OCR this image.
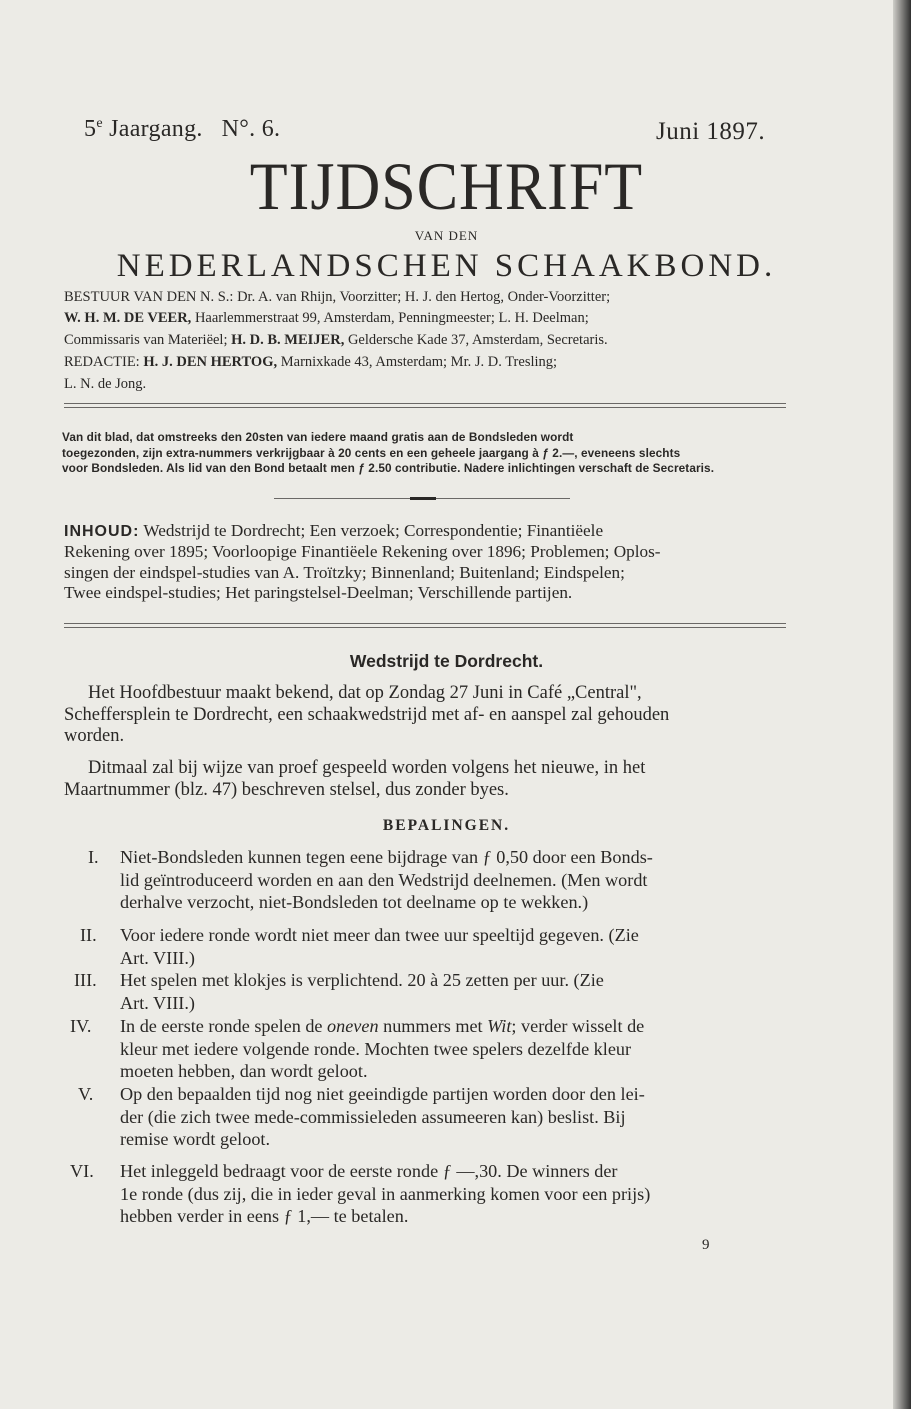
5e Jaargang. N°. 6.	Juni 1897.
TIJDSCHRIFT
VAN DEN
NEDERLANDSCHEN SCHAAKBOND.
BESTUUR VAN DEN N. S.: Dr. A. van Rhijn, Voorzitter; H. J. den Hertog, Onder-Voorzitter;
W. H. M. DE VEER, Haarlemmerstraat 99, Amsterdam, Penningmeester; L. H. Deelman;
Commissaris van Materiëel; H. D. B. MEIJER, Geldersche Kade 37, Amsterdam, Secretaris.
REDACTIE: H. J. DEN HERTOG, Marnixkade 43, Amsterdam; Mr. J. D. Tresling;
L. N. de Jong.
Van dit blad, dat omstreeks den 20sten van iedere maand gratis aan de Bondsleden wordt
toegezonden, zijn extra-nummers verkrijgbaar à 20 cents en een geheele jaargang à ƒ 2.—, eveneens slechts
voor Bondsleden. Als lid van den Bond betaalt men ƒ 2.50 contributie. Nadere inlichtingen verschaft de Secretaris.
INHOUD: Wedstrijd te Dordrecht; Een verzoek; Correspondentie; Finantiëele
Rekening over 1895; Voorloopige Finantiëele Rekening over 1896; Problemen; Oplos-
singen der eindspel-studies van A. Troïtzky; Binnenland; Buitenland; Eindspelen;
Twee eindspel-studies; Het paringstelsel-Deelman; Verschillende partijen.
Wedstrijd te Dordrecht.
Het Hoofdbestuur maakt bekend, dat op Zondag 27 Juni in Café „Central",
Scheffersplein te Dordrecht, een schaakwedstrijd met af- en aanspel zal gehouden
worden.
Ditmaal zal bij wijze van proef gespeeld worden volgens het nieuwe, in het
Maartnummer (blz. 47) beschreven stelsel, dus zonder byes.
BEPALINGEN.
I.	Niet-Bondsleden kunnen tegen eene bijdrage van ƒ 0,50 door een Bonds-
lid geïntroduceerd worden en aan den Wedstrijd deelnemen. (Men wordt
derhalve verzocht, niet-Bondsleden tot deelname op te wekken.)
II.	Voor iedere ronde wordt niet meer dan twee uur speeltijd gegeven. (Zie
Art. VIII.)
III.	Het spelen met klokjes is verplichtend. 20 à 25 zetten per uur. (Zie
Art. VIII.)
IV.	In de eerste ronde spelen de oneven nummers met Wit; verder wisselt de
kleur met iedere volgende ronde. Mochten twee spelers dezelfde kleur
moeten hebben, dan wordt geloot.
V.	Op den bepaalden tijd nog niet geeindigde partijen worden door den lei-
der (die zich twee mede-commissieleden assumeeren kan) beslist. Bij
remise wordt geloot.
VI.	Het inleggeld bedraagt voor de eerste ronde ƒ —,30. De winners der
1e ronde (dus zij, die in ieder geval in aanmerking komen voor een prijs)
hebben verder in eens ƒ 1,— te betalen.
9
